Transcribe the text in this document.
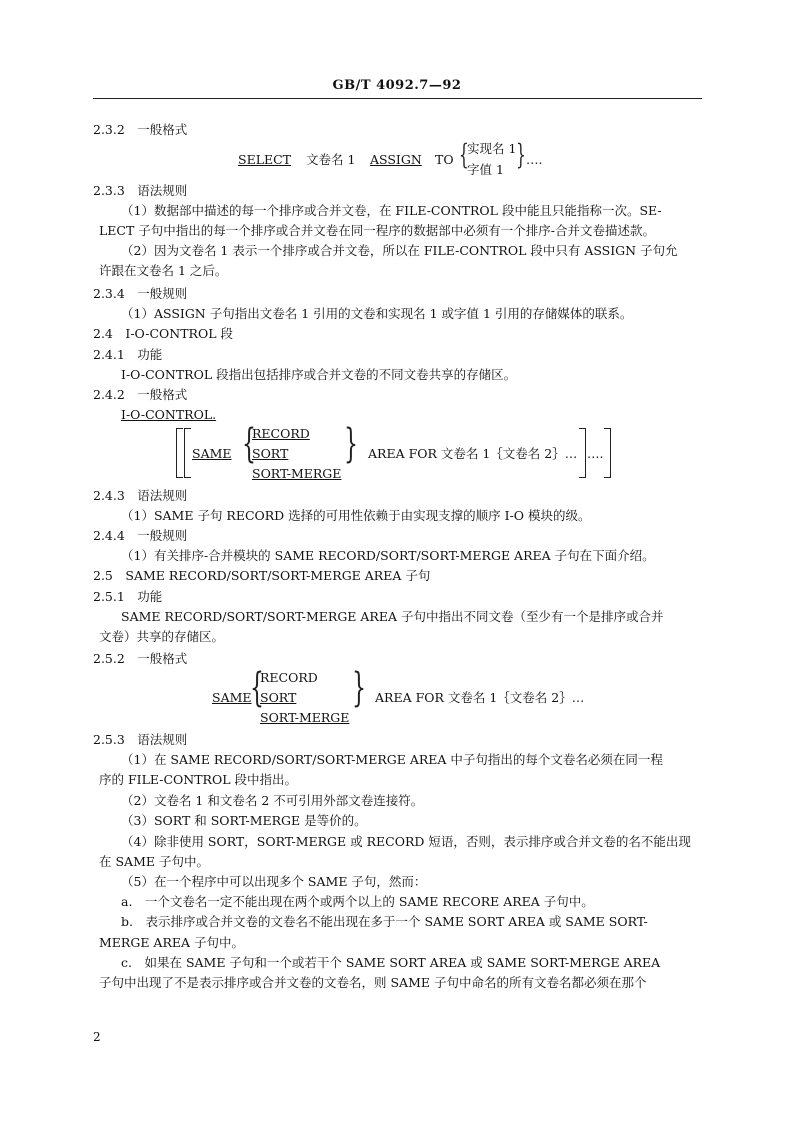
GB/T 4092.7—92
2.3.2　一般格式
SELECT 文卷名 1 ASSIGN TO {
实现名 1
字值 1 } ….
2.3.3　语法规则
（1）数据部中描述的每一个排序或合并文卷，在 FILE-CONTROL 段中能且只能指称一次。SE-
LECT 子句中指出的每一个排序或合并文卷在同一程序的数据部中必须有一个排序-合并文卷描述款。
（2）因为文卷名 1 表示一个排序或合并文卷，所以在 FILE-CONTROL 段中只有 ASSIGN 子句允
许跟在文卷名 1 之后。
2.3.4　一般规则
（1）ASSIGN 子句指出文卷名 1 引用的文卷和实现名 1 或字值 1 引用的存储媒体的联系。
2.4　I-O-CONTROL 段
2.4.1　功能
I-O-CONTROL 段指出包括排序或合并文卷的不同文卷共享的存储区。
2.4.2　一般格式
I-O-CONTROL.
SAME {
RECORD
SORT
SORT-MERGE
} AREA FOR 文卷名 1｛文卷名 2｝… ….
2.4.3　语法规则
（1）SAME 子句 RECORD 选择的可用性依赖于由实现支撑的顺序 I-O 模块的级。
2.4.4　一般规则
（1）有关排序-合并模块的 SAME RECORD/SORT/SORT-MERGE AREA 子句在下面介绍。
2.5　SAME RECORD/SORT/SORT-MERGE AREA 子句
2.5.1　功能
SAME RECORD/SORT/SORT-MERGE AREA 子句中指出不同文卷（至少有一个是排序或合并
文卷）共享的存储区。
2.5.2　一般格式
SAME
{
RECORD
SORT
SORT-MERGE
} AREA FOR 文卷名 1｛文卷名 2｝…
2.5.3　语法规则
（1）在 SAME RECORD/SORT/SORT-MERGE AREA 中子句指出的每个文卷名必须在同一程
序的 FILE-CONTROL 段中指出。
（2）文卷名 1 和文卷名 2 不可引用外部文卷连接符。
（3）SORT 和 SORT-MERGE 是等价的。
（4）除非使用 SORT，SORT-MERGE 或 RECORD 短语，否则，表示排序或合并文卷的名不能出现
在 SAME 子句中。
（5）在一个程序中可以出现多个 SAME 子句，然而：
a.　一个文卷名一定不能出现在两个或两个以上的 SAME RECORE AREA 子句中。
b.　表示排序或合并文卷的文卷名不能出现在多于一个 SAME SORT AREA 或 SAME SORT-
MERGE AREA 子句中。
c.　如果在 SAME 子句和一个或若干个 SAME SORT AREA 或 SAME SORT-MERGE AREA
子句中出现了不是表示排序或合并文卷的文卷名，则 SAME 子句中命名的所有文卷名都必须在那个
2
